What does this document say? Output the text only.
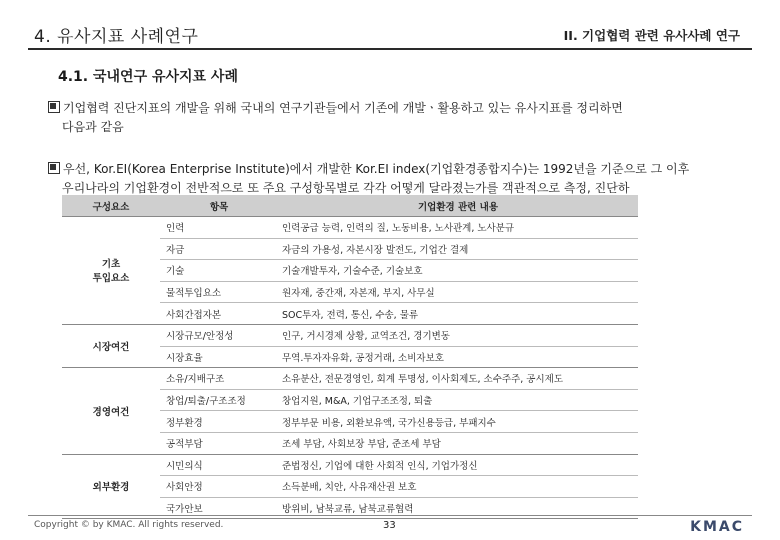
4. 유사지표 사례연구	II. 기업협력 관련 유사사례 연구
4.1. 국내연구 유사지표 사례
기업협력 진단지표의 개발을 위해 국내의 연구기관들에서 기존에 개발ㆍ활용하고 있는 유사지표를 정리하면
다음과 같음
우선, Kor.EI(Korea Enterprise Institute)에서 개발한 Kor.EI index(기업환경종합지수)는 1992년을 기준으로 그 이후
우리나라의 기업환경이 전반적으로 또 주요 구성항목별로 각각 어떻게 달라졌는가를 객관적으로 측정, 진단하

구성요소	항목	기업환경 관련 내용
기초
투입요소	인력	인력공급 능력, 인력의 질, 노동비용, 노사관계, 노사분규
	자금	자금의 가용성, 자본시장 발전도, 기업간 결제
	기술	기술개발투자, 기술수준, 기술보호
	물적투입요소	원자재, 중간재, 자본재, 부지, 사무실
	사회간접자본	SOC투자, 전력, 통신, 수송, 물류
시장여건	시장규모/안정성	인구, 거시경제 상황, 교역조건, 경기변동
	시장효율	무역.투자자유화, 공정거래, 소비자보호
경영여건	소유/지배구조	소유분산, 전문경영인, 회계 투명성, 이사회제도, 소수주주, 공시제도
	창업/퇴출/구조조정	창업지원, M&A, 기업구조조정, 퇴출
	정부환경	정부부문 비용, 외환보유액, 국가신용등급, 부패지수
	공적부담	조세 부담, 사회보장 부담, 준조세 부담
외부환경	시민의식	준법정신, 기업에 대한 사회적 인식, 기업가정신
	사회안정	소득분배, 치안, 사유재산권 보호
	국가안보	방위비, 남북교류, 남북교류협력
Copyright © by KMAC. All rights reserved.	33	KMAC
